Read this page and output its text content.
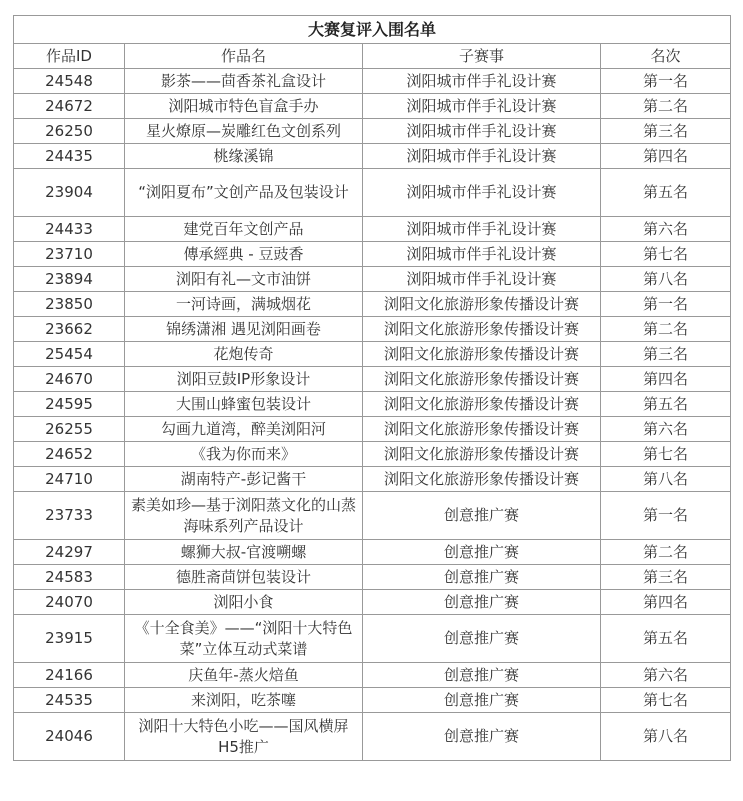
大赛复评入围名单			
作品ID	作品名	子赛事	名次
24548	影茶——茴香茶礼盒设计	浏阳城市伴手礼设计赛	第一名
24672	浏阳城市特色盲盒手办	浏阳城市伴手礼设计赛	第二名
26250	星火燎原—炭雕红色文创系列	浏阳城市伴手礼设计赛	第三名
24435	桃缘溪锦	浏阳城市伴手礼设计赛	第四名
23904	“浏阳夏布”文创产品及包装设计	浏阳城市伴手礼设计赛	第五名
24433	建党百年文创产品	浏阳城市伴手礼设计赛	第六名
23710	傳承經典 - 豆豉香	浏阳城市伴手礼设计赛	第七名
23894	浏阳有礼—文市油饼	浏阳城市伴手礼设计赛	第八名
23850	一河诗画，满城烟花	浏阳文化旅游形象传播设计赛	第一名
23662	锦绣潇湘 遇见浏阳画卷	浏阳文化旅游形象传播设计赛	第二名
25454	花炮传奇	浏阳文化旅游形象传播设计赛	第三名
24670	浏阳豆鼓IP形象设计	浏阳文化旅游形象传播设计赛	第四名
24595	大围山蜂蜜包装设计	浏阳文化旅游形象传播设计赛	第五名
26255	勾画九道湾，醉美浏阳河	浏阳文化旅游形象传播设计赛	第六名
24652	《我为你而来》	浏阳文化旅游形象传播设计赛	第七名
24710	湖南特产-彭记酱干	浏阳文化旅游形象传播设计赛	第八名
23733	素美如珍—基于浏阳蒸文化的山蒸海味系列产品设计	创意推广赛	第一名
24297	螺狮大叔-官渡嗍螺	创意推广赛	第二名
24583	德胜斋茴饼包装设计	创意推广赛	第三名
24070	浏阳小食	创意推广赛	第四名
23915	《十全食美》——“浏阳十大特色菜”立体互动式菜谱	创意推广赛	第五名
24166	庆鱼年-蒸火焙鱼	创意推广赛	第六名
24535	来浏阳，吃茶噻	创意推广赛	第七名
24046	浏阳十大特色小吃——国风横屏H5推广	创意推广赛	第八名
